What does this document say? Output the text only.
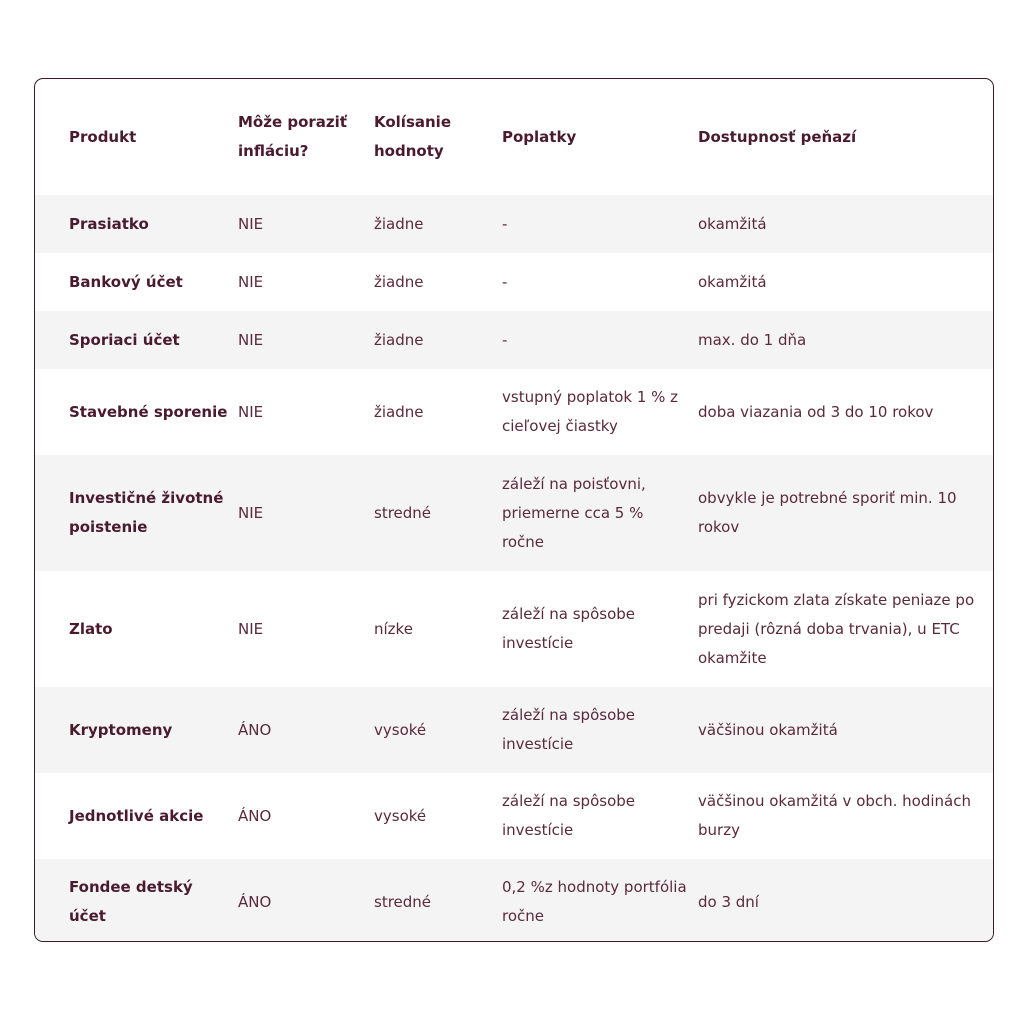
Produkt	Môže poraziť infláciu?	Kolísanie hodnoty	Poplatky	Dostupnosť peňazí
Prasiatko	NIE	žiadne	-	okamžitá
Bankový účet	NIE	žiadne	-	okamžitá
Sporiaci účet	NIE	žiadne	-	max. do 1 dňa
Stavebné sporenie	NIE	žiadne	vstupný poplatok 1 % z cieľovej čiastky	doba viazania od 3 do 10 rokov
Investičné životné poistenie	NIE	stredné	záleží na poisťovni, priemerne cca 5 % ročne	obvykle je potrebné sporiť min. 10 rokov
Zlato	NIE	nízke	záleží na spôsobe investície	pri fyzickom zlata získate peniaze po predaji (rôzná doba trvania), u ETC okamžite
Kryptomeny	ÁNO	vysoké	záleží na spôsobe investície	väčšinou okamžitá
Jednotlivé akcie	ÁNO	vysoké	záleží na spôsobe investície	väčšinou okamžitá v obch. hodinách burzy
Fondee detský účet	ÁNO	stredné	0,2 %z hodnoty portfólia ročne	do 3 dní
